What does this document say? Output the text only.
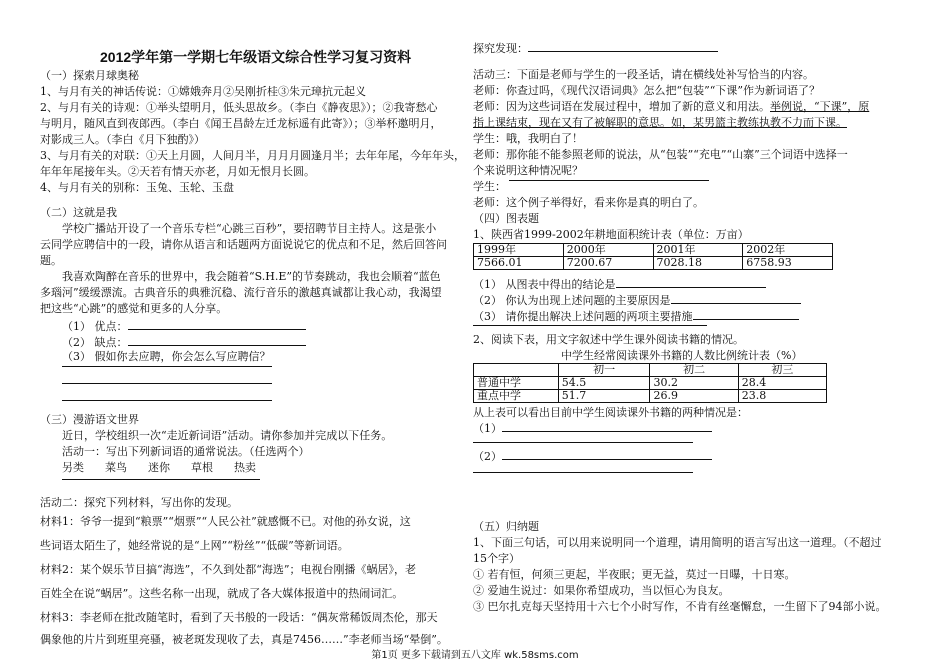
2012学年第一学期七年级语文综合性学习复习资料
（一）探索月球奥秘
1、与月有关的神话传说：①嫦娥奔月②吴刚折桂③朱元璋抗元起义
2、与月有关的诗观：①举头望明月，低头思故乡。（李白《静夜思》）；②我寄愁心
与明月，随风直到夜郎西。（李白《闻王昌龄左迁龙标遥有此寄》）；③举杯邀明月，
对影成三人。（李白《月下独酌》）
3、与月有关的对联：①天上月圆，人间月半，月月月圆逢月半；去年年尾，今年年头，
年年年尾接年头。②天若有情天亦老，月如无恨月长圆。
4、与月有关的别称：玉兔、玉轮、玉盘
（二）这就是我
学校广播站开设了一个音乐专栏“心跳三百秒”，要招聘节目主持人。这是张小
云同学应聘信中的一段，请你从语言和话题两方面说说它的优点和不足，然后回答问
题。
我喜欢陶醉在音乐的世界中，我会随着“S.H.E”的节奏跳动，我也会顺着“蓝色
多瑙河”缓缓漂流。古典音乐的典雅沉稳、流行音乐的激越真诚都让我心动，我渴望
把这些“心跳”的感觉和更多的人分享。
（1） 优点：
（2） 缺点：
（3） 假如你去应聘，你会怎么写应聘信？
（三）漫游语文世界
近日，学校组织一次“走近新词语”活动。请你参加并完成以下任务。
活动一：写出下列新词语的通常说法。（任选两个）
另类 菜鸟 迷你 草根 热卖
活动二：探究下列材料，写出你的发现。
材料1：爷爷一提到“粮票”“烟票”“人民公社”就感慨不已。对他的孙女说，这
些词语太陌生了，她经常说的是“上网”“粉丝”“低碳”等新词语。
材料2：某个娱乐节目搞“海选”，不久到处都“海选”；电视台刚播《蜗居》，老
百姓全在说“蜗居”。这些名称一出现，就成了各大媒体报道中的热闹词汇。
材料3：李老师在批改随笔时，看到了天书般的一段话：“偶灰常稀饭周杰伦，那天
偶象他的片片到班里亮骚，被老斑发现收了去，真是7456……”李老师当场“晕倒”。
探究发现：
活动三：下面是老师与学生的一段圣话，请在横线处补写恰当的内容。
老师：你查过吗，《现代汉语词典》怎么把“包装”“下课”作为新词语了？
老师：因为这些词语在发展过程中，增加了新的意义和用法。举例说，“下课”，原
指上课结束，现在又有了被解职的意思。如，某男篮主教练执教不力而下课。
学生：哦，我明白了！
老师：那你能不能参照老师的说法，从“包装”“充电”“山寨”三个词语中选择一
个来说明这种情况呢？
学生：
老师：这个例子举得好，看来你是真的明白了。
（四）图表题
1、陕西省1999-2002年耕地面积统计表（单位：万亩）
1999年	2000年	2001年	2002年
7566.01	7200.67	7028.18	6758.93
（1） 从图表中得出的结论是
（2） 你认为出现上述问题的主要原因是
（3） 请你提出解决上述问题的两项主要措施
2、阅读下表，用文字叙述中学生课外阅读书籍的情况。
中学生经常阅读课外书籍的人数比例统计表（%）
	初一	初二	初三
普通中学	54.5	30.2	28.4
重点中学	51.7	26.9	23.8
从上表可以看出目前中学生阅读课外书籍的两种情况是：
（1）
（2）
（五）归纳题
1、下面三句话，可以用来说明同一个道理，请用简明的语言写出这一道理。（不超过
15个字）
① 若有恒，何须三更起，半夜眠；更无益，莫过一日曝，十日寒。
② 爱迪生说过：如果你希望成功，当以恒心为良友。
③ 巴尔扎克每天坚持用十六七个小时写作，不肯有丝毫懈怠，一生留下了94部小说。
第1页 更多下载请到五八文库 wk.58sms.com
